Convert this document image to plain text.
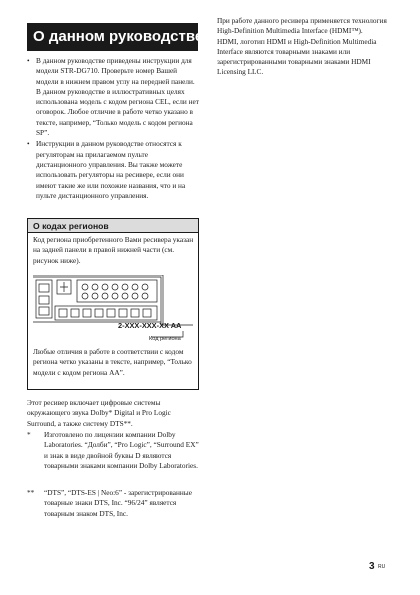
О данном руководстве
• В данном руководстве приведены инструкции для модели STR-DG710. Проверьте номер Вашей модели в нижнем правом углу на передней панели. В данном руководстве в иллюстративных целях использована модель с кодом региона CEL, если нет оговорок. Любое отличие в работе четко указано в тексте, например, “Только модель с кодом региона SP”.
• Инструкции в данном руководстве относятся к регуляторам на прилагаемом пульте дистанционного управления. Вы также можете использовать регуляторы на ресивере, если они имеют такие же или похожие названия, что и на пульте дистанционного управления.
О кодах регионов
Код региона приобретенного Вами ресивера указан на задней панели в правой нижней части (см. рисунок ниже).
2-XXX-XXX-XX AA
Код региона
Любые отличия в работе в соответствии с кодом региона четко указаны в тексте, например, “Только модели с кодом региона AA”.
Этот ресивер включает цифровые системы окружающего звука Dolby* Digital и Pro Logic Surround, а также систему DTS**.
* Изготовлено по лицензии компании Dolby Laboratories. “Долби”, “Pro Logic”, “Surround EX” и знак в виде двойной буквы D являются товарными знаками компании Dolby Laboratories.
** “DTS”, “DTS-ES | Neo:6” - зарегистрированные товарные знаки DTS, Inc. “96/24” является товарным знаком DTS, Inc.

При работе данного ресивера применяется технология High-Definition Multimedia Interface (HDMI™).

HDMI, логотип HDMI и High-Definition Multimedia Interface являются товарными знаками или зарегистрированными товарными знаками HDMI Licensing LLC.

3 RU
